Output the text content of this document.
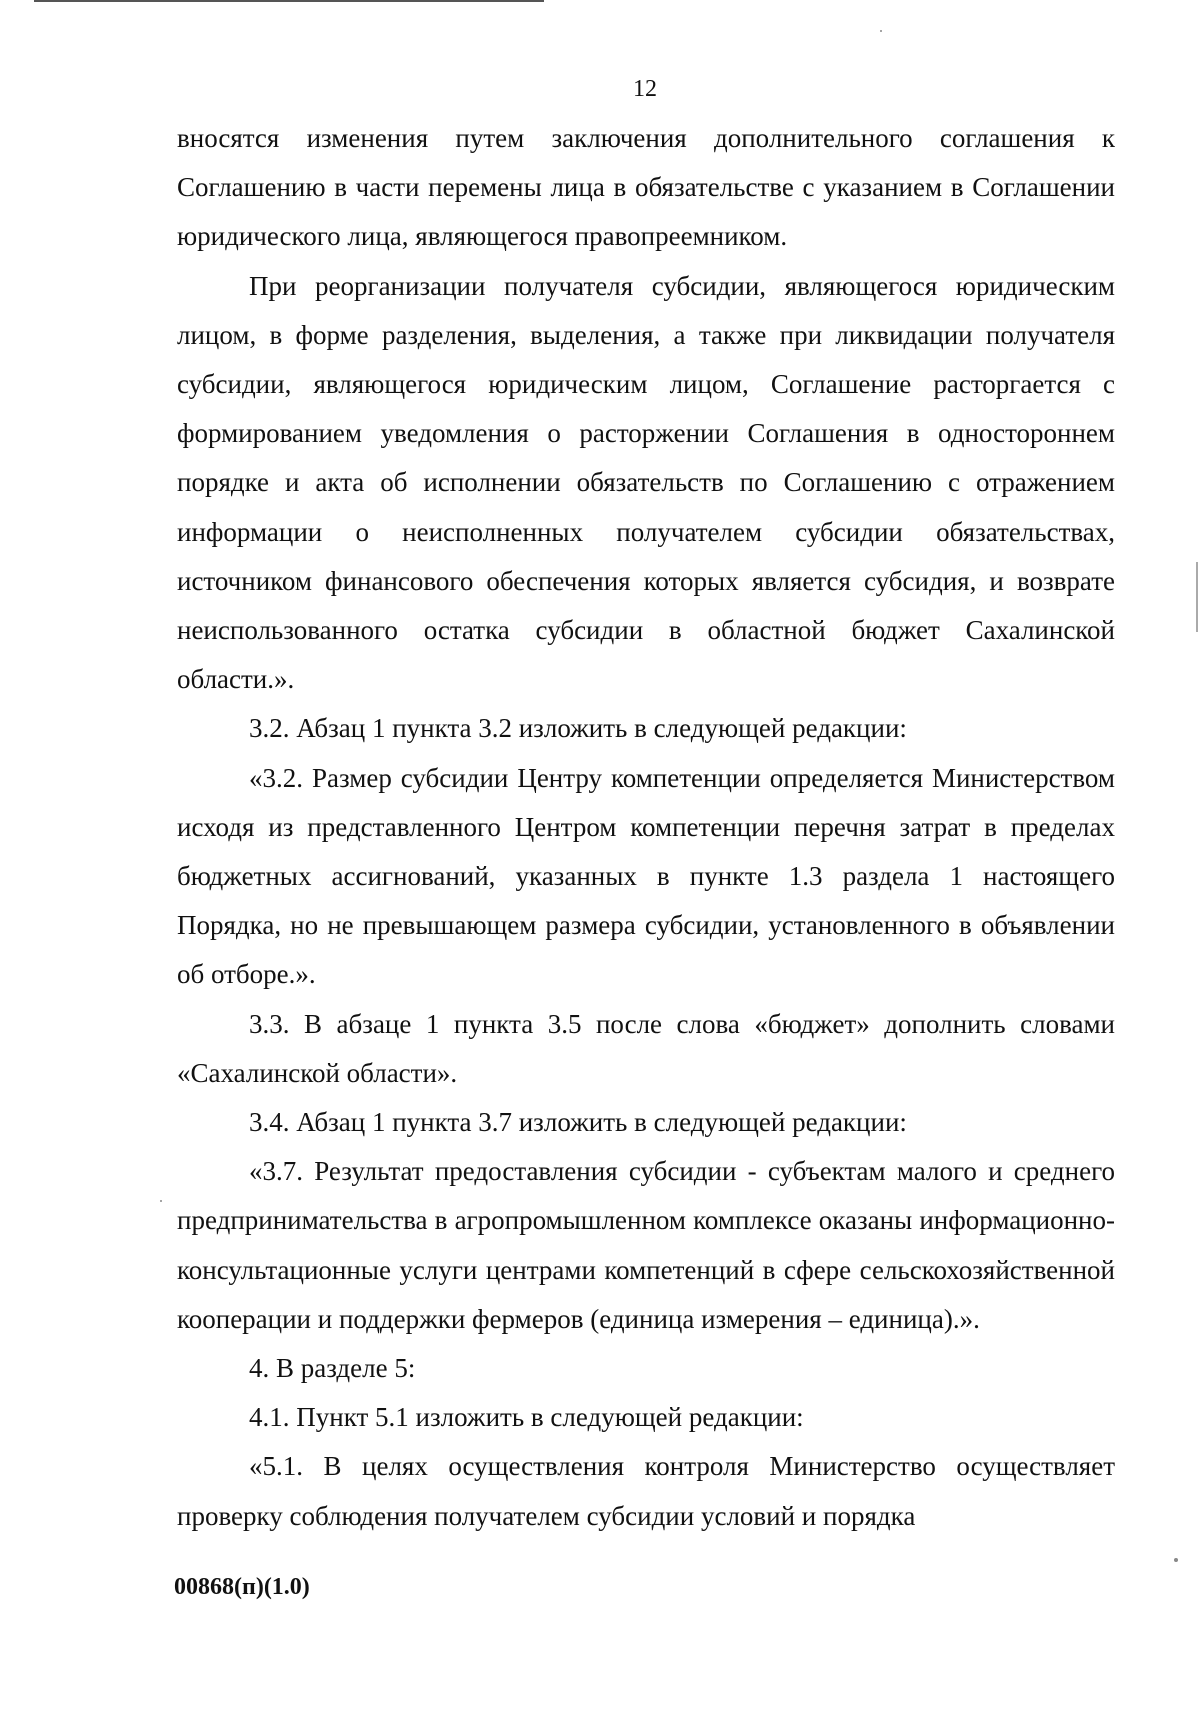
12

вносятся изменения путем заключения дополнительного соглашения к Соглашению в части перемены лица в обязательстве с указанием в Соглашении юридического лица, являющегося правопреемником.

При реорганизации получателя субсидии, являющегося юридическим лицом, в форме разделения, выделения, а также при ликвидации получателя субсидии, являющегося юридическим лицом, Соглашение расторгается с формированием уведомления о расторжении Соглашения в одностороннем порядке и акта об исполнении обязательств по Соглашению с отражением информации о неисполненных получателем субсидии обязательствах, источником финансового обеспечения которых является субсидия, и возврате неиспользованного остатка субсидии в областной бюджет Сахалинской области.».

3.2. Абзац 1 пункта 3.2 изложить в следующей редакции:

«3.2. Размер субсидии Центру компетенции определяется Министерством исходя из представленного Центром компетенции перечня затрат в пределах бюджетных ассигнований, указанных в пункте 1.3 раздела 1 настоящего Порядка, но не превышающем размера субсидии, установленного в объявлении об отборе.».

3.3. В абзаце 1 пункта 3.5 после слова «бюджет» дополнить словами «Сахалинской области».

3.4. Абзац 1 пункта 3.7 изложить в следующей редакции:

«3.7. Результат предоставления субсидии - субъектам малого и среднего предпринимательства в агропромышленном комплексе оказаны информационно-консультационные услуги центрами компетенций в сфере сельскохозяйственной кооперации и поддержки фермеров (единица измерения – единица).».

4. В разделе 5:

4.1. Пункт 5.1 изложить в следующей редакции:

«5.1. В целях осуществления контроля Министерство осуществляет проверку соблюдения получателем субсидии условий и порядка

00868(п)(1.0)
